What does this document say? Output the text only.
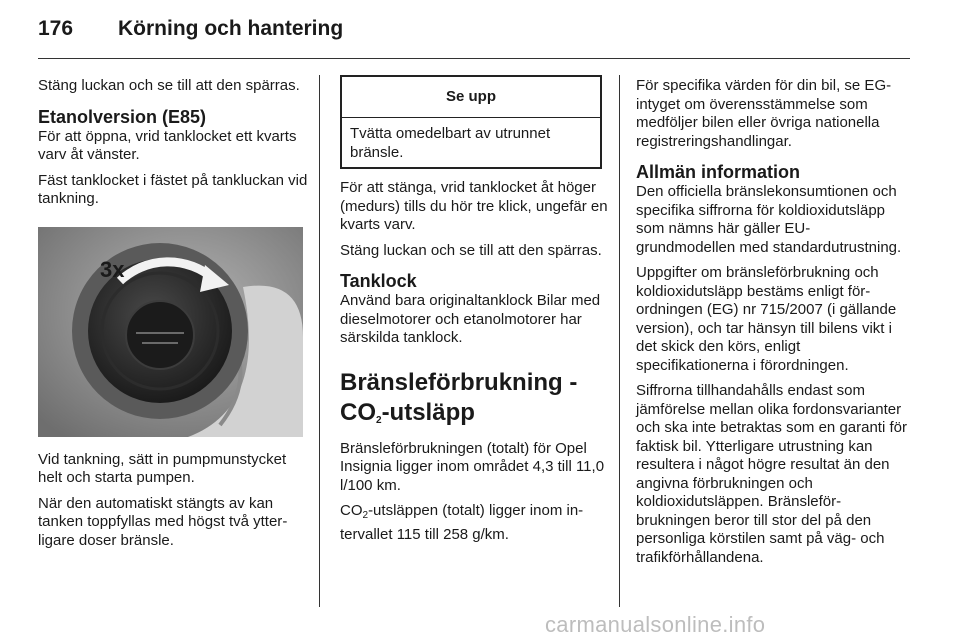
176 Körning och hantering

Stäng luckan och se till att den spärras.

Etanolversion (E85)

För att öppna, vrid tanklocket ett kvarts varv åt vänster.

Fäst tanklocket i fästet på tankluckan vid tankning.

3x

Vid tankning, sätt in pumpmunstycket helt och starta pumpen.

När den automatiskt stängts av kan tanken toppfyllas med högst två ytterligare doser bränsle.

Se upp
Tvätta omedelbart av utrunnet bränsle.

För att stänga, vrid tanklocket åt höger (medurs) tills du hör tre klick, ungefär en kvarts varv.

Stäng luckan och se till att den spärras.

Tanklock

Använd bara originaltanklock Bilar med dieselmotorer och etanolmotorer har särskilda tanklock.

Bränsleförbrukning - $CO_2$-utsläpp

Bränsleförbrukningen (totalt) för Opel Insignia ligger inom området 4,3 till 11,0 l/100 km.

$CO_2$-utsläppen (totalt) ligger inom intervallet 115 till 258 g/km.

För specifika värden för din bil, se EG-intyget om överensstämmelse som medföljer bilen eller övriga nationella registreringshandlingar.

Allmän information

Den officiella bränslekonsumtionen och specifika siffrorna för koldioxidutsläpp som nämns här gäller EU-grundmodellen med standardutrustning.

Uppgifter om bränsleförbrukning och koldioxidutsläpp bestäms enligt förordningen (EG) nr 715/2007 (i gällande version), och tar hänsyn till bilens vikt i det skick den körs, enligt specifikationerna i förordningen.

Siffrorna tillhandahålls endast som jämförelse mellan olika fordonsvarianter och ska inte betraktas som en garanti för faktisk bil. Ytterligare utrustning kan resultera i något högre resultat än den angivna förbrukningen och koldioxidutsläppen. Bränsleförbrukningen beror till stor del på den personliga körstilen samt på väg- och trafikförhållandena.

carmanualsonline.info
